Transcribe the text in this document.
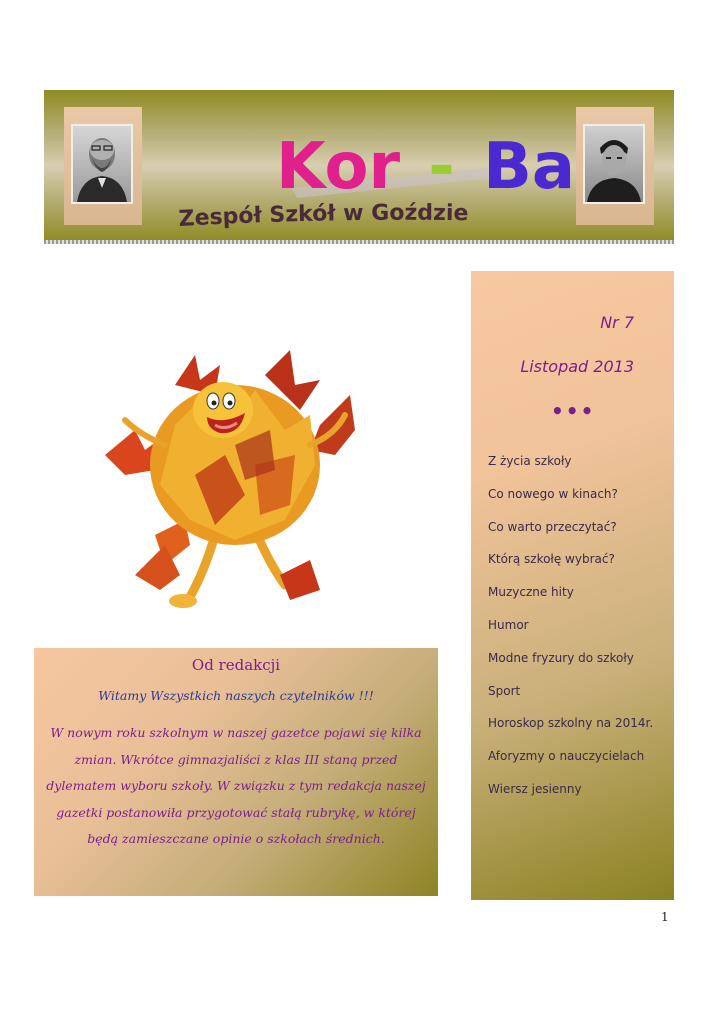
Kor - Ba
Zespół Szkół w Goździe
Nr 7
Listopad 2013
•••
Z życia szkoły
Co nowego w kinach?
Co warto przeczytać?
Którą szkołę wybrać?
Muzyczne hity
Humor
Modne fryzury do szkoły
Sport
Horoskop szkolny na 2014r.
Aforyzmy o nauczycielach
Wiersz jesienny
Od redakcji
Witamy Wszystkich naszych czytelników !!!
W nowym roku szkolnym w naszej gazetce pojawi się kilka zmian. Wkrótce gimnazjaliści z klas III staną przed dylematem wyboru szkoły. W związku z tym redakcja naszej gazetki postanowiła przygotować stałą rubrykę, w której będą zamieszczane opinie o szkołach średnich.
1
